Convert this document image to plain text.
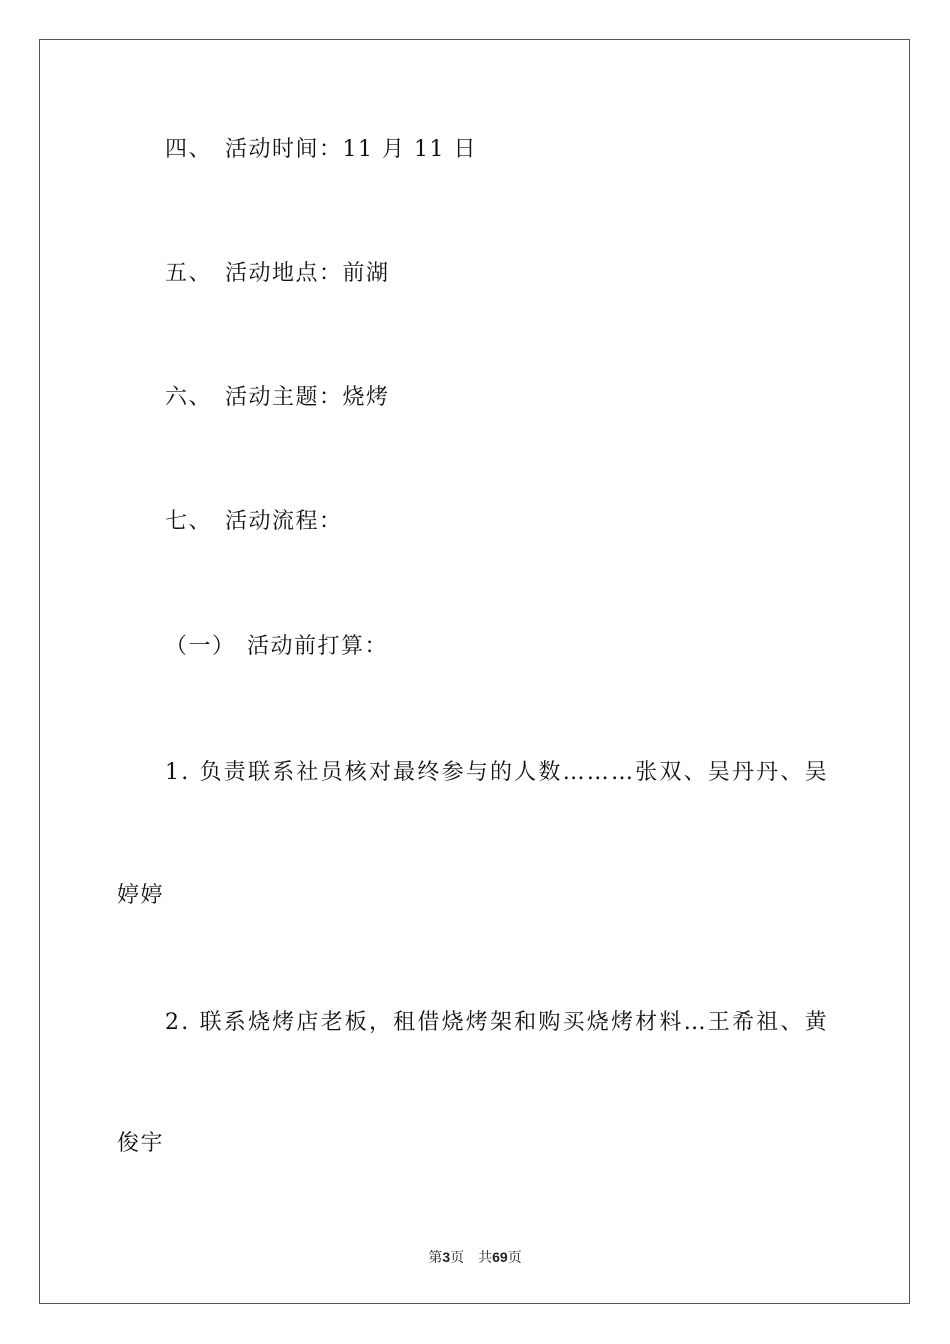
四、 活动时间：11 月 11 日
五、 活动地点：前湖
六、 活动主题：烧烤
七、 活动流程：
（一） 活动前打算：
1. 负责联系社员核对最终参与的人数………张双、吴丹丹、吴
婷婷
2. 联系烧烤店老板，租借烧烤架和购买烧烤材料…王希祖、黄
俊宇
第3页 共69页
